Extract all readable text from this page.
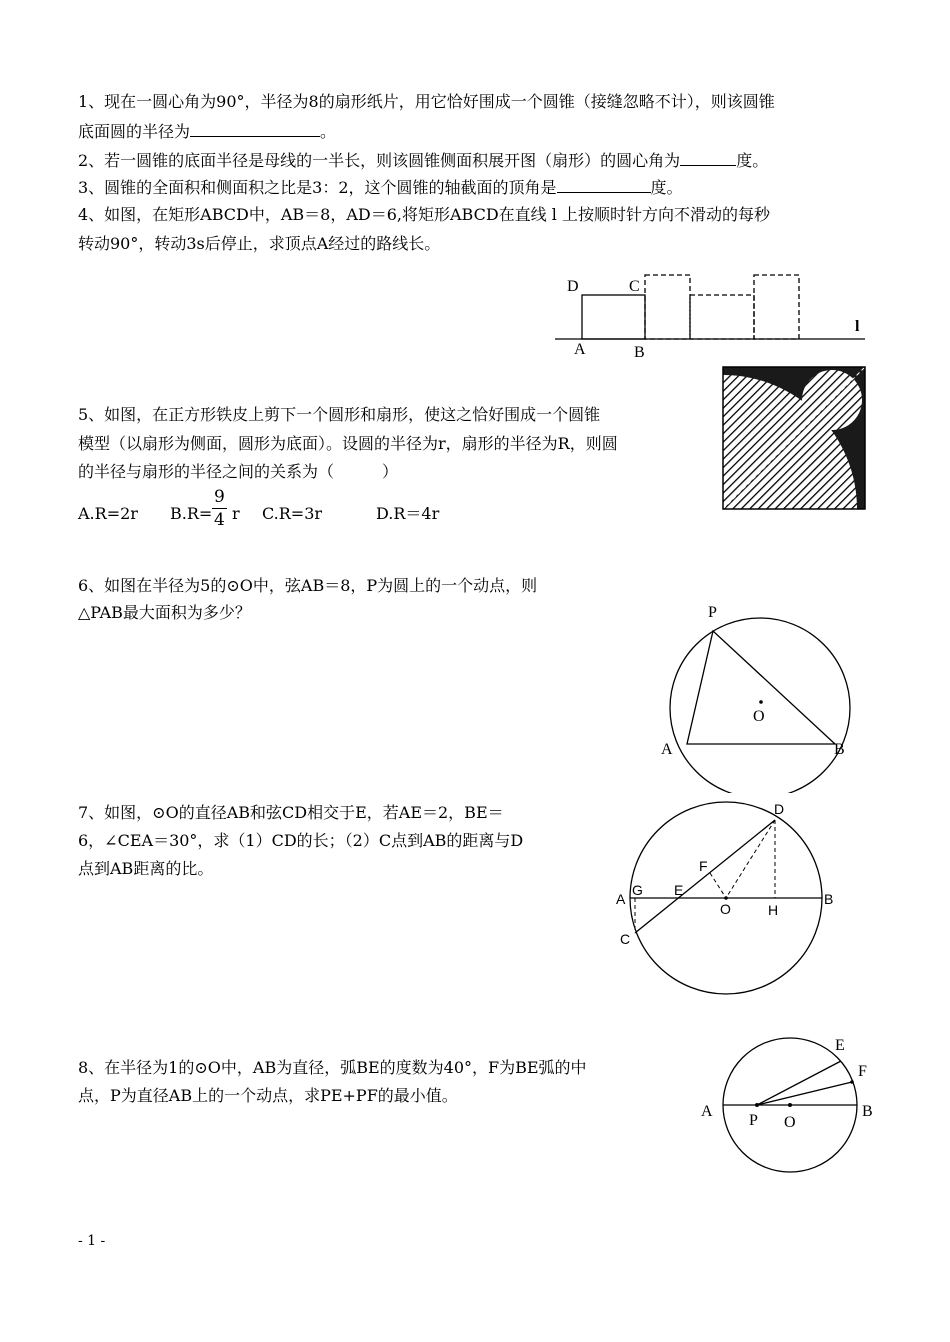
1、现在一圆心角为90°，半径为8的扇形纸片，用它恰好围成一个圆锥（接缝忽略不计），则该圆锥
底面圆的半径为	。
2、若一圆锥的底面半径是母线的一半长，则该圆锥侧面积展开图（扇形）的圆心角为	度。
3、圆锥的全面积和侧面积之比是3：2，这个圆锥的轴截面的顶角是	度。
4、如图，在矩形ABCD中，AB＝8，AD＝6,将矩形ABCD在直线 l 上按顺时针方向不滑动的每秒
转动90°，转动3s后停止，求顶点A经过的路线长。
D	C
A	B
l
5、如图，在正方形铁皮上剪下一个圆形和扇形，使这之恰好围成一个圆锥
模型（以扇形为侧面，圆形为底面）。设圆的半径为r，扇形的半径为R，则圆
的半径与扇形的半径之间的关系为（　　　）
A.R=2r $B.R= \frac{9}{4}$ r C.R=3r	D.R＝4r
6、如图在半径为5的⊙O中，弦AB＝8，P为圆上的一个动点，则
△PAB最大面积为多少？	P
O
A	B
7、如图，⊙O的直径AB和弦CD相交于E，若AE＝2，BE＝
6，∠CEA＝30°，求（1）CD的长；（2）C点到AB的距离与D
点到AB距离的比。
D
F
A
G E
O	H
B
C
8、在半径为1的⊙O中，AB为直径，弧BE的度数为40°，F为BE弧的中
点，P为直径AB上的一个动点，求PE+PF的最小值。
E
F
A
P O
B
- 1 -
